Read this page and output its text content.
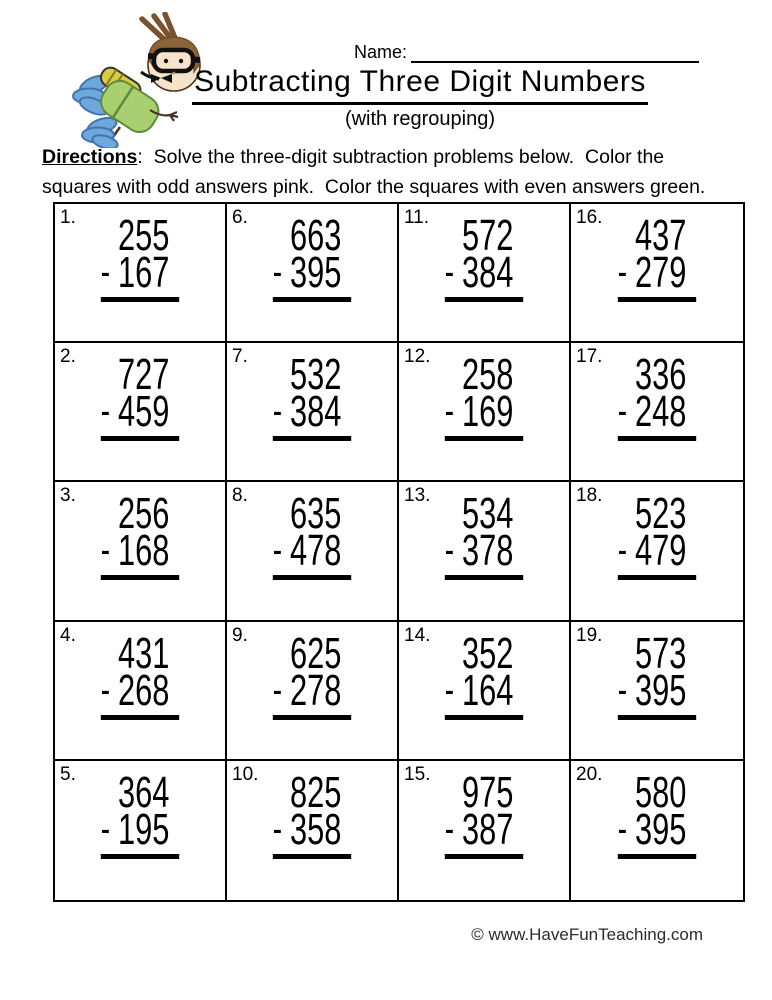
Name:
Subtracting Three Digit Numbers
(with regrouping)
Directions:  Solve the three-digit subtraction problems below.  Color the squares with odd answers pink.  Color the squares with even answers green.
1. 255
- 167
6. 663
- 395
11. 572
- 384
16. 437
- 279
2. 727
- 459
7. 532
- 384
12. 258
- 169
17. 336
- 248
3. 256
- 168
8. 635
- 478
13. 534
- 378
18. 523
- 479
4. 431
- 268
9. 625
- 278
14. 352
- 164
19. 573
- 395
5. 364
- 195
10. 825
- 358
15. 975
- 387
20. 580
- 395
© www.HaveFunTeaching.com
